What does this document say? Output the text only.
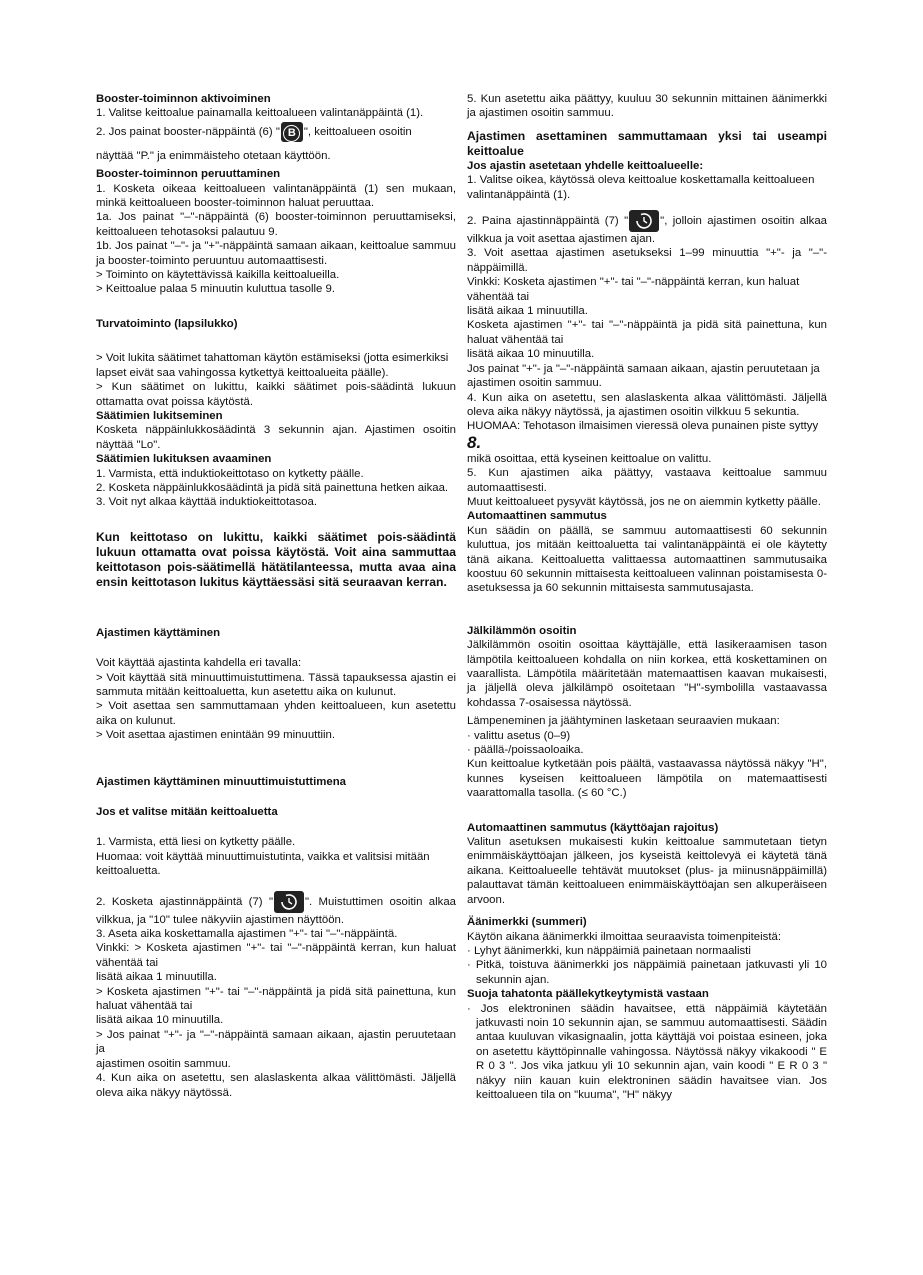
Booster-toiminnon aktivoiminen
1. Valitse keittoalue painamalla keittoalueen valintanäppäintä (1).
2. Jos painat booster-näppäintä (6) " B ", keittoalueen osoitin
näyttää "P." ja enimmäisteho otetaan käyttöön.
Booster-toiminnon peruuttaminen
1. Kosketa oikeaa keittoalueen valintanäppäintä (1) sen mukaan, minkä keittoalueen booster-toiminnon haluat peruuttaa.
1a. Jos painat "–"-näppäintä (6) booster-toiminnon peruuttamiseksi, keittoalueen tehotasoksi palautuu 9.
1b. Jos painat "–"- ja "+"-näppäintä samaan aikaan, keittoalue sammuu ja booster-toiminto peruuntuu automaattisesti.
> Toiminto on käytettävissä kaikilla keittoalueilla.
> Keittoalue palaa 5 minuutin kuluttua tasolle 9.
Turvatoiminto (lapsilukko)
> Voit lukita säätimet tahattoman käytön estämiseksi (jotta esimerkiksi
lapset eivät saa vahingossa kytkettyä keittoalueita päälle).
> Kun säätimet on lukittu, kaikki säätimet pois-säädintä lukuun ottamatta ovat poissa käytöstä.
Säätimien lukitseminen
Kosketa näppäinlukkosäädintä 3 sekunnin ajan. Ajastimen osoitin näyttää "Lo".
Säätimien lukituksen avaaminen
1. Varmista, että induktiokeittotaso on kytketty päälle.
2. Kosketa näppäinlukkosäädintä ja pidä sitä painettuna hetken aikaa.
3. Voit nyt alkaa käyttää induktiokeittotasoa.
Kun keittotaso on lukittu, kaikki säätimet pois-säädintä lukuun ottamatta ovat poissa käytöstä. Voit aina sammuttaa keittotason pois-säätimellä hätätilanteessa, mutta avaa aina ensin keittotason lukitus käyttäessäsi sitä seuraavan kerran.
Ajastimen käyttäminen
Voit käyttää ajastinta kahdella eri tavalla:
> Voit käyttää sitä minuuttimuistuttimena. Tässä tapauksessa ajastin ei sammuta mitään keittoaluetta, kun asetettu aika on kulunut.
> Voit asettaa sen sammuttamaan yhden keittoalueen, kun asetettu aika on kulunut.
> Voit asettaa ajastimen enintään 99 minuuttiin.
Ajastimen käyttäminen minuuttimuistuttimena
Jos et valitse mitään keittoaluetta
1. Varmista, että liesi on kytketty päälle.
Huomaa: voit käyttää minuuttimuistutinta, vaikka et valitsisi mitään keittoaluetta.
2. Kosketa ajastinnäppäintä (7) "	". Muistuttimen osoitin alkaa vilkkua, ja "10" tulee näkyviin ajastimen näyttöön.
3. Aseta aika koskettamalla ajastimen "+"- tai "–"-näppäintä.
Vinkki: > Kosketa ajastimen "+"- tai "–"-näppäintä kerran, kun haluat vähentää tai
lisätä aikaa 1 minuutilla.
> Kosketa ajastimen "+"- tai "–"-näppäintä ja pidä sitä painettuna, kun haluat vähentää tai
lisätä aikaa 10 minuutilla.
> Jos painat "+"- ja "–"-näppäintä samaan aikaan, ajastin peruutetaan ja
ajastimen osoitin sammuu.
4. Kun aika on asetettu, sen alaslaskenta alkaa välittömästi. Jäljellä oleva aika näkyy näytössä.
5. Kun asetettu aika päättyy, kuuluu 30 sekunnin mittainen äänimerkki ja ajastimen osoitin sammuu.
Ajastimen asettaminen sammuttamaan yksi tai useampi keittoalue
Jos ajastin asetetaan yhdelle keittoalueelle:
1. Valitse oikea, käytössä oleva keittoalue koskettamalla keittoalueen valintanäppäintä (1).
2. Paina ajastinnäppäintä (7) "	", jolloin ajastimen osoitin alkaa vilkkua ja voit asettaa ajastimen ajan.
3. Voit asettaa ajastimen asetukseksi 1–99 minuuttia "+"- ja "–"-näppäimillä.
Vinkki: Kosketa ajastimen "+"- tai "–"-näppäintä kerran, kun haluat vähentää tai
lisätä aikaa 1 minuutilla.
Kosketa ajastimen "+"- tai "–"-näppäintä ja pidä sitä painettuna, kun haluat vähentää tai
lisätä aikaa 10 minuutilla.
Jos painat "+"- ja "–"-näppäintä samaan aikaan, ajastin peruutetaan ja
ajastimen osoitin sammuu.
4. Kun aika on asetettu, sen alaslaskenta alkaa välittömästi. Jäljellä oleva aika näkyy näytössä, ja ajastimen osoitin vilkkuu 5 sekuntia.
HUOMAA: Tehotason ilmaisimen vieressä oleva punainen piste syttyy
8.
mikä osoittaa, että kyseinen keittoalue on valittu.
5. Kun ajastimen aika päättyy, vastaava keittoalue sammuu automaattisesti.
Muut keittoalueet pysyvät käytössä, jos ne on aiemmin kytketty päälle.
Automaattinen sammutus
Kun säädin on päällä, se sammuu automaattisesti 60 sekunnin kuluttua, jos mitään keittoaluetta tai valintanäppäintä ei ole käytetty tänä aikana. Keittoaluetta valittaessa automaattinen sammutusaika koostuu 60 sekunnin mittaisesta keittoalueen valinnan poistamisesta 0-asetuksessa ja 60 sekunnin mittaisesta sammutusajasta.
Jälkilämmön osoitin
Jälkilämmön osoitin osoittaa käyttäjälle, että lasikeraamisen tason lämpötila keittoalueen kohdalla on niin korkea, että koskettaminen on vaarallista. Lämpötila määritetään matemaattisen kaavan mukaisesti, ja jäljellä oleva jälkilämpö osoitetaan "H"-symbolilla vastaavassa kohdassa 7-osaisessa näytössä.
Lämpeneminen ja jäähtyminen lasketaan seuraavien mukaan:
· valittu asetus (0–9)
· päällä-/poissaoloaika.
Kun keittoalue kytketään pois päältä, vastaavassa näytössä näkyy "H", kunnes kyseisen keittoalueen lämpötila on matemaattisesti vaarattomalla tasolla. (≤ 60 °C.)
Automaattinen sammutus (käyttöajan rajoitus)
Valitun asetuksen mukaisesti kukin keittoalue sammutetaan tietyn enimmäiskäyttöajan jälkeen, jos kyseistä keittolevyä ei käytetä tänä aikana. Keittoalueelle tehtävät muutokset (plus- ja miinusnäppäimillä) palauttavat tämän keittoalueen enimmäiskäyttöajan sen alkuperäiseen arvoon.
Äänimerkki (summeri)
Käytön aikana äänimerkki ilmoittaa seuraavista toimenpiteistä:
· Lyhyt äänimerkki, kun näppäimiä painetaan normaalisti
· Pitkä, toistuva äänimerkki jos näppäimiä painetaan jatkuvasti yli 10 sekunnin ajan.
Suoja tahatonta päällekytkeytymistä vastaan
· Jos elektroninen säädin havaitsee, että näppäimiä käytetään jatkuvasti noin 10 sekunnin ajan, se sammuu automaattisesti. Säädin antaa kuuluvan vikasignaalin, jotta käyttäjä voi poistaa esineen, joka on asetettu käyttöpinnalle vahingossa. Näytössä näkyy vikakoodi " E R 0 3 ". Jos vika jatkuu yli 10 sekunnin ajan, vain koodi " E R 0 3 " näkyy niin kauan kuin elektroninen säädin havaitsee vian. Jos keittoalueen tila on "kuuma", "H" näkyy
